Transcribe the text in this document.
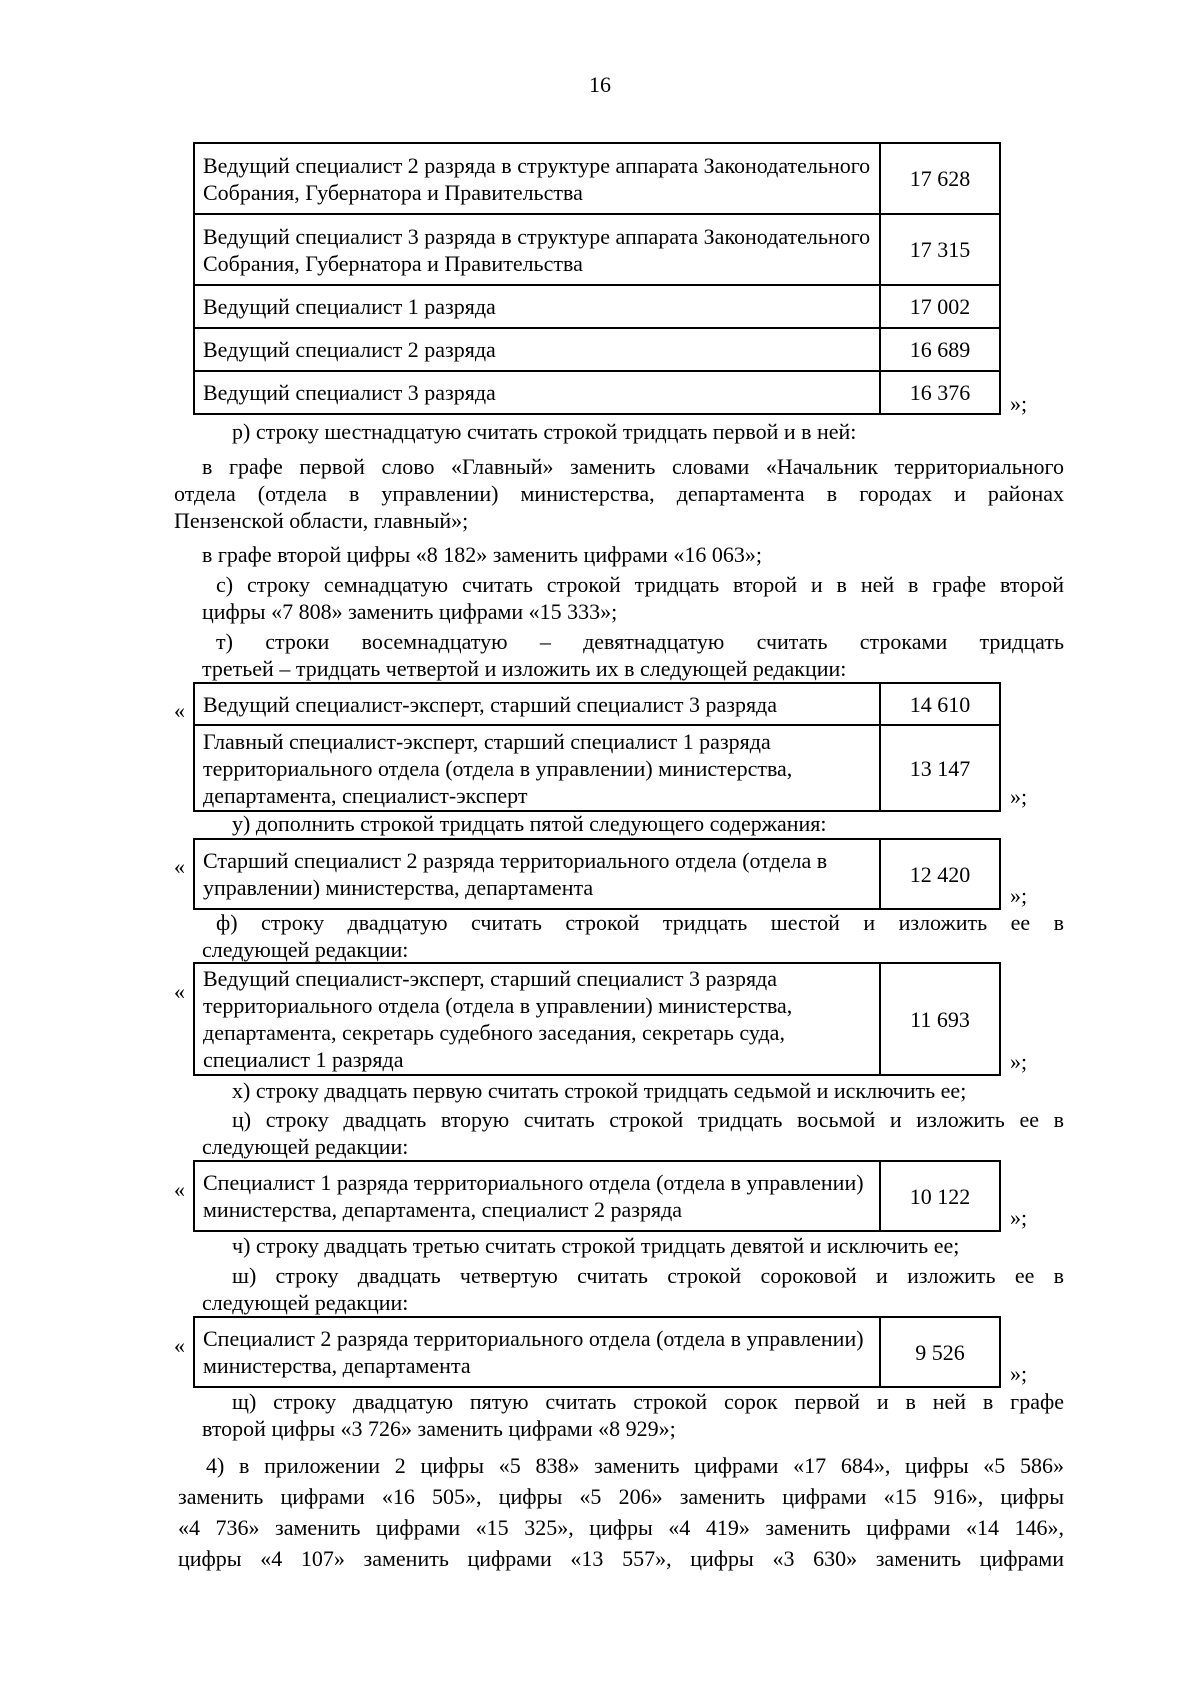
16
Ведущий специалист 2 разряда в структуре аппарата Законодательного Собрания, Губернатора и Правительства	17 628
Ведущий специалист 3 разряда в структуре аппарата Законодательного Собрания, Губернатора и Правительства	17 315
Ведущий специалист 1 разряда	17 002
Ведущий специалист 2 разряда	16 689
Ведущий специалист 3 разряда	16 376 »;
р) строку шестнадцатую считать строкой тридцать первой и в ней:
в графе первой слово «Главный» заменить словами «Начальник территориального
отдела (отдела в управлении) министерства, департамента в городах и районах
Пензенской области, главный»;
в графе второй цифры «8 182» заменить цифрами «16 063»;
с) строку семнадцатую считать строкой тридцать второй и в ней в графе второй
цифры «7 808» заменить цифрами «15 333»;
т) строки восемнадцатую – девятнадцатую считать строками тридцать
третьей – тридцать четвертой и изложить их в следующей редакции:
« Ведущий специалист-эксперт, старший специалист 3 разряда	14 610
Главный специалист-эксперт, старший специалист 1 разряда территориального отдела (отдела в управлении) министерства, департамента, специалист-эксперт	13 147
»;
у) дополнить строкой тридцать пятой следующего содержания:
« Старший специалист 2 разряда территориального отдела (отдела в управлении) министерства, департамента	12 420
»;
ф) строку двадцатую считать строкой тридцать шестой и изложить ее в
следующей редакции:
«
Ведущий специалист-эксперт, старший специалист 3 разряда территориального отдела (отдела в управлении) министерства, департамента, секретарь судебного заседания, секретарь суда, специалист 1 разряда	11 693
»;
х) строку двадцать первую считать строкой тридцать седьмой и исключить ее;
ц) строку двадцать вторую считать строкой тридцать восьмой и изложить ее в
следующей редакции:
« Специалист 1 разряда территориального отдела (отдела в управлении) министерства, департамента, специалист 2 разряда	10 122
»;
ч) строку двадцать третью считать строкой тридцать девятой и исключить ее;
ш) строку двадцать четвертую считать строкой сороковой и изложить ее в
следующей редакции:
« Специалист 2 разряда территориального отдела (отдела в управлении) министерства, департамента	9 526
»;
щ) строку двадцатую пятую считать строкой сорок первой и в ней в графе
второй цифры «3 726» заменить цифрами «8 929»;
4) в приложении 2 цифры «5 838» заменить цифрами «17 684», цифры «5 586»
заменить цифрами «16 505», цифры «5 206» заменить цифрами «15 916», цифры
«4 736» заменить цифрами «15 325», цифры «4 419» заменить цифрами «14 146»,
цифры «4 107» заменить цифрами «13 557», цифры «3 630» заменить цифрами
